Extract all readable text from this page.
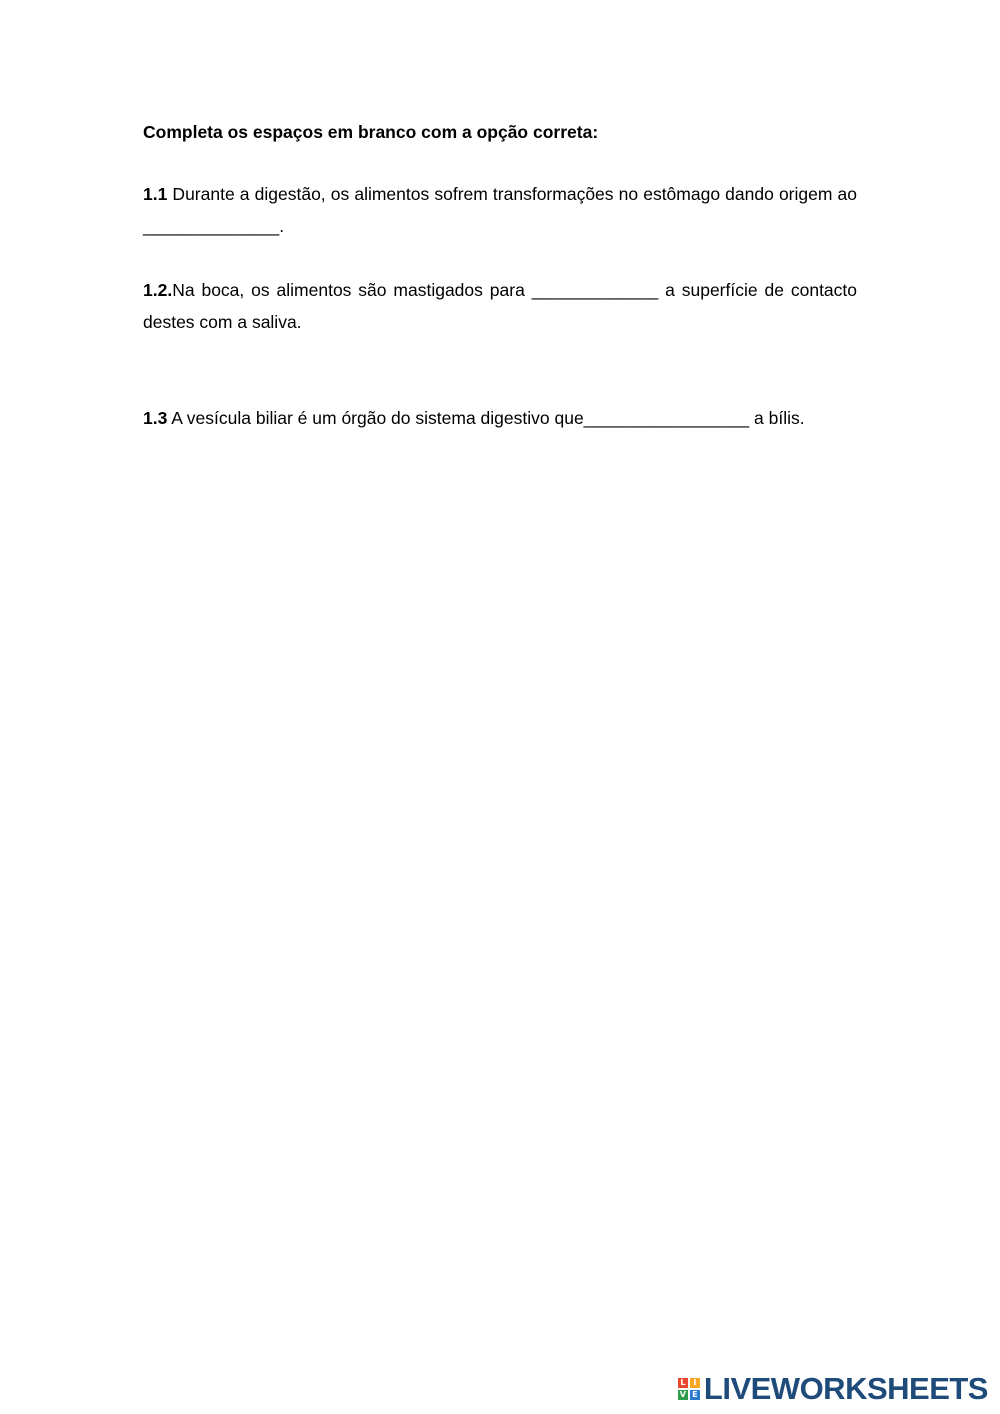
Completa os espaços em branco com a opção correta:

1.1 Durante a digestão, os alimentos sofrem transformações no estômago dando origem ao ______________.

1.2.Na boca, os alimentos são mastigados para _____________ a superfície de contacto destes com a saliva.

1.3 A vesícula biliar é um órgão do sistema digestivo que_________________ a bílis.

L I
V E LIVEWORKSHEETS
